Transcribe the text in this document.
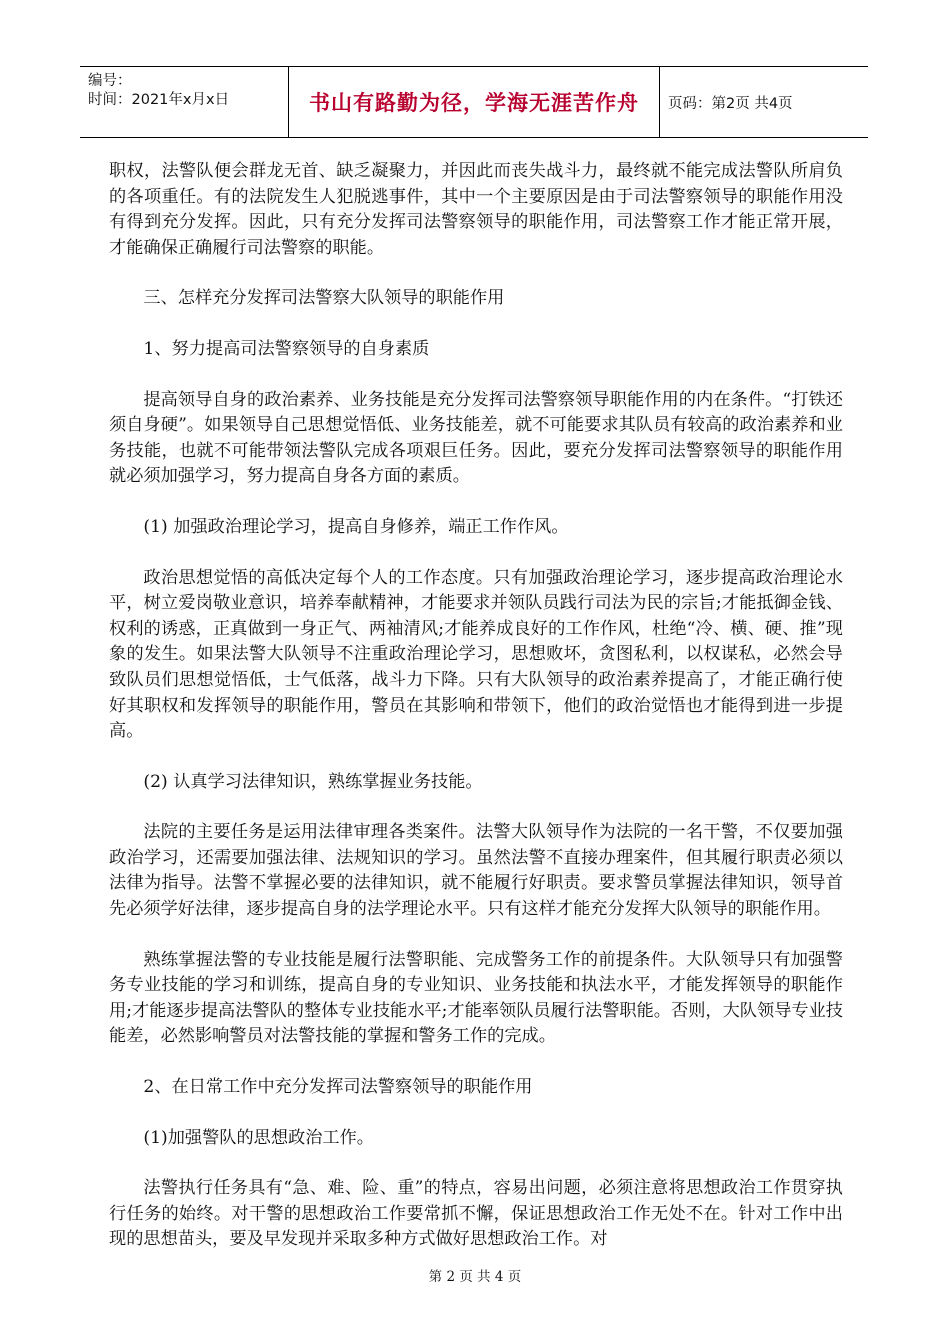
编号：
时间：2021年x月x日	书山有路勤为径，学海无涯苦作舟	页码：第2页 共4页

职权，法警队便会群龙无首、缺乏凝聚力，并因此而丧失战斗力，最终就不能完成法警队所肩负的各项重任。有的法院发生人犯脱逃事件，其中一个主要原因是由于司法警察领导的职能作用没有得到充分发挥。因此，只有充分发挥司法警察领导的职能作用，司法警察工作才能正常开展，才能确保正确履行司法警察的职能。

三、怎样充分发挥司法警察大队领导的职能作用

1、努力提高司法警察领导的自身素质

提高领导自身的政治素养、业务技能是充分发挥司法警察领导职能作用的内在条件。“打铁还须自身硬”。如果领导自己思想觉悟低、业务技能差，就不可能要求其队员有较高的政治素养和业务技能，也就不可能带领法警队完成各项艰巨任务。因此，要充分发挥司法警察领导的职能作用就必须加强学习，努力提高自身各方面的素质。

(1) 加强政治理论学习，提高自身修养，端正工作作风。

政治思想觉悟的高低决定每个人的工作态度。只有加强政治理论学习，逐步提高政治理论水平，树立爱岗敬业意识，培养奉献精神，才能要求并领队员践行司法为民的宗旨;才能抵御金钱、权利的诱惑，正真做到一身正气、两袖清风;才能养成良好的工作作风，杜绝“冷、横、硬、推”现象的发生。如果法警大队领导不注重政治理论学习，思想败坏，贪图私利，以权谋私，必然会导致队员们思想觉悟低，士气低落，战斗力下降。只有大队领导的政治素养提高了，才能正确行使好其职权和发挥领导的职能作用，警员在其影响和带领下，他们的政治觉悟也才能得到进一步提高。

(2) 认真学习法律知识，熟练掌握业务技能。

法院的主要任务是运用法律审理各类案件。法警大队领导作为法院的一名干警，不仅要加强政治学习，还需要加强法律、法规知识的学习。虽然法警不直接办理案件，但其履行职责必须以法律为指导。法警不掌握必要的法律知识，就不能履行好职责。要求警员掌握法律知识，领导首先必须学好法律，逐步提高自身的法学理论水平。只有这样才能充分发挥大队领导的职能作用。

熟练掌握法警的专业技能是履行法警职能、完成警务工作的前提条件。大队领导只有加强警务专业技能的学习和训练，提高自身的专业知识、业务技能和执法水平，才能发挥领导的职能作用;才能逐步提高法警队的整体专业技能水平;才能率领队员履行法警职能。否则，大队领导专业技能差，必然影响警员对法警技能的掌握和警务工作的完成。

2、在日常工作中充分发挥司法警察领导的职能作用

(1)加强警队的思想政治工作。

法警执行任务具有“急、难、险、重”的特点，容易出问题，必须注意将思想政治工作贯穿执行任务的始终。对干警的思想政治工作要常抓不懈，保证思想政治工作无处不在。针对工作中出现的思想苗头，要及早发现并采取多种方式做好思想政治工作。对

第 2 页 共 4 页
